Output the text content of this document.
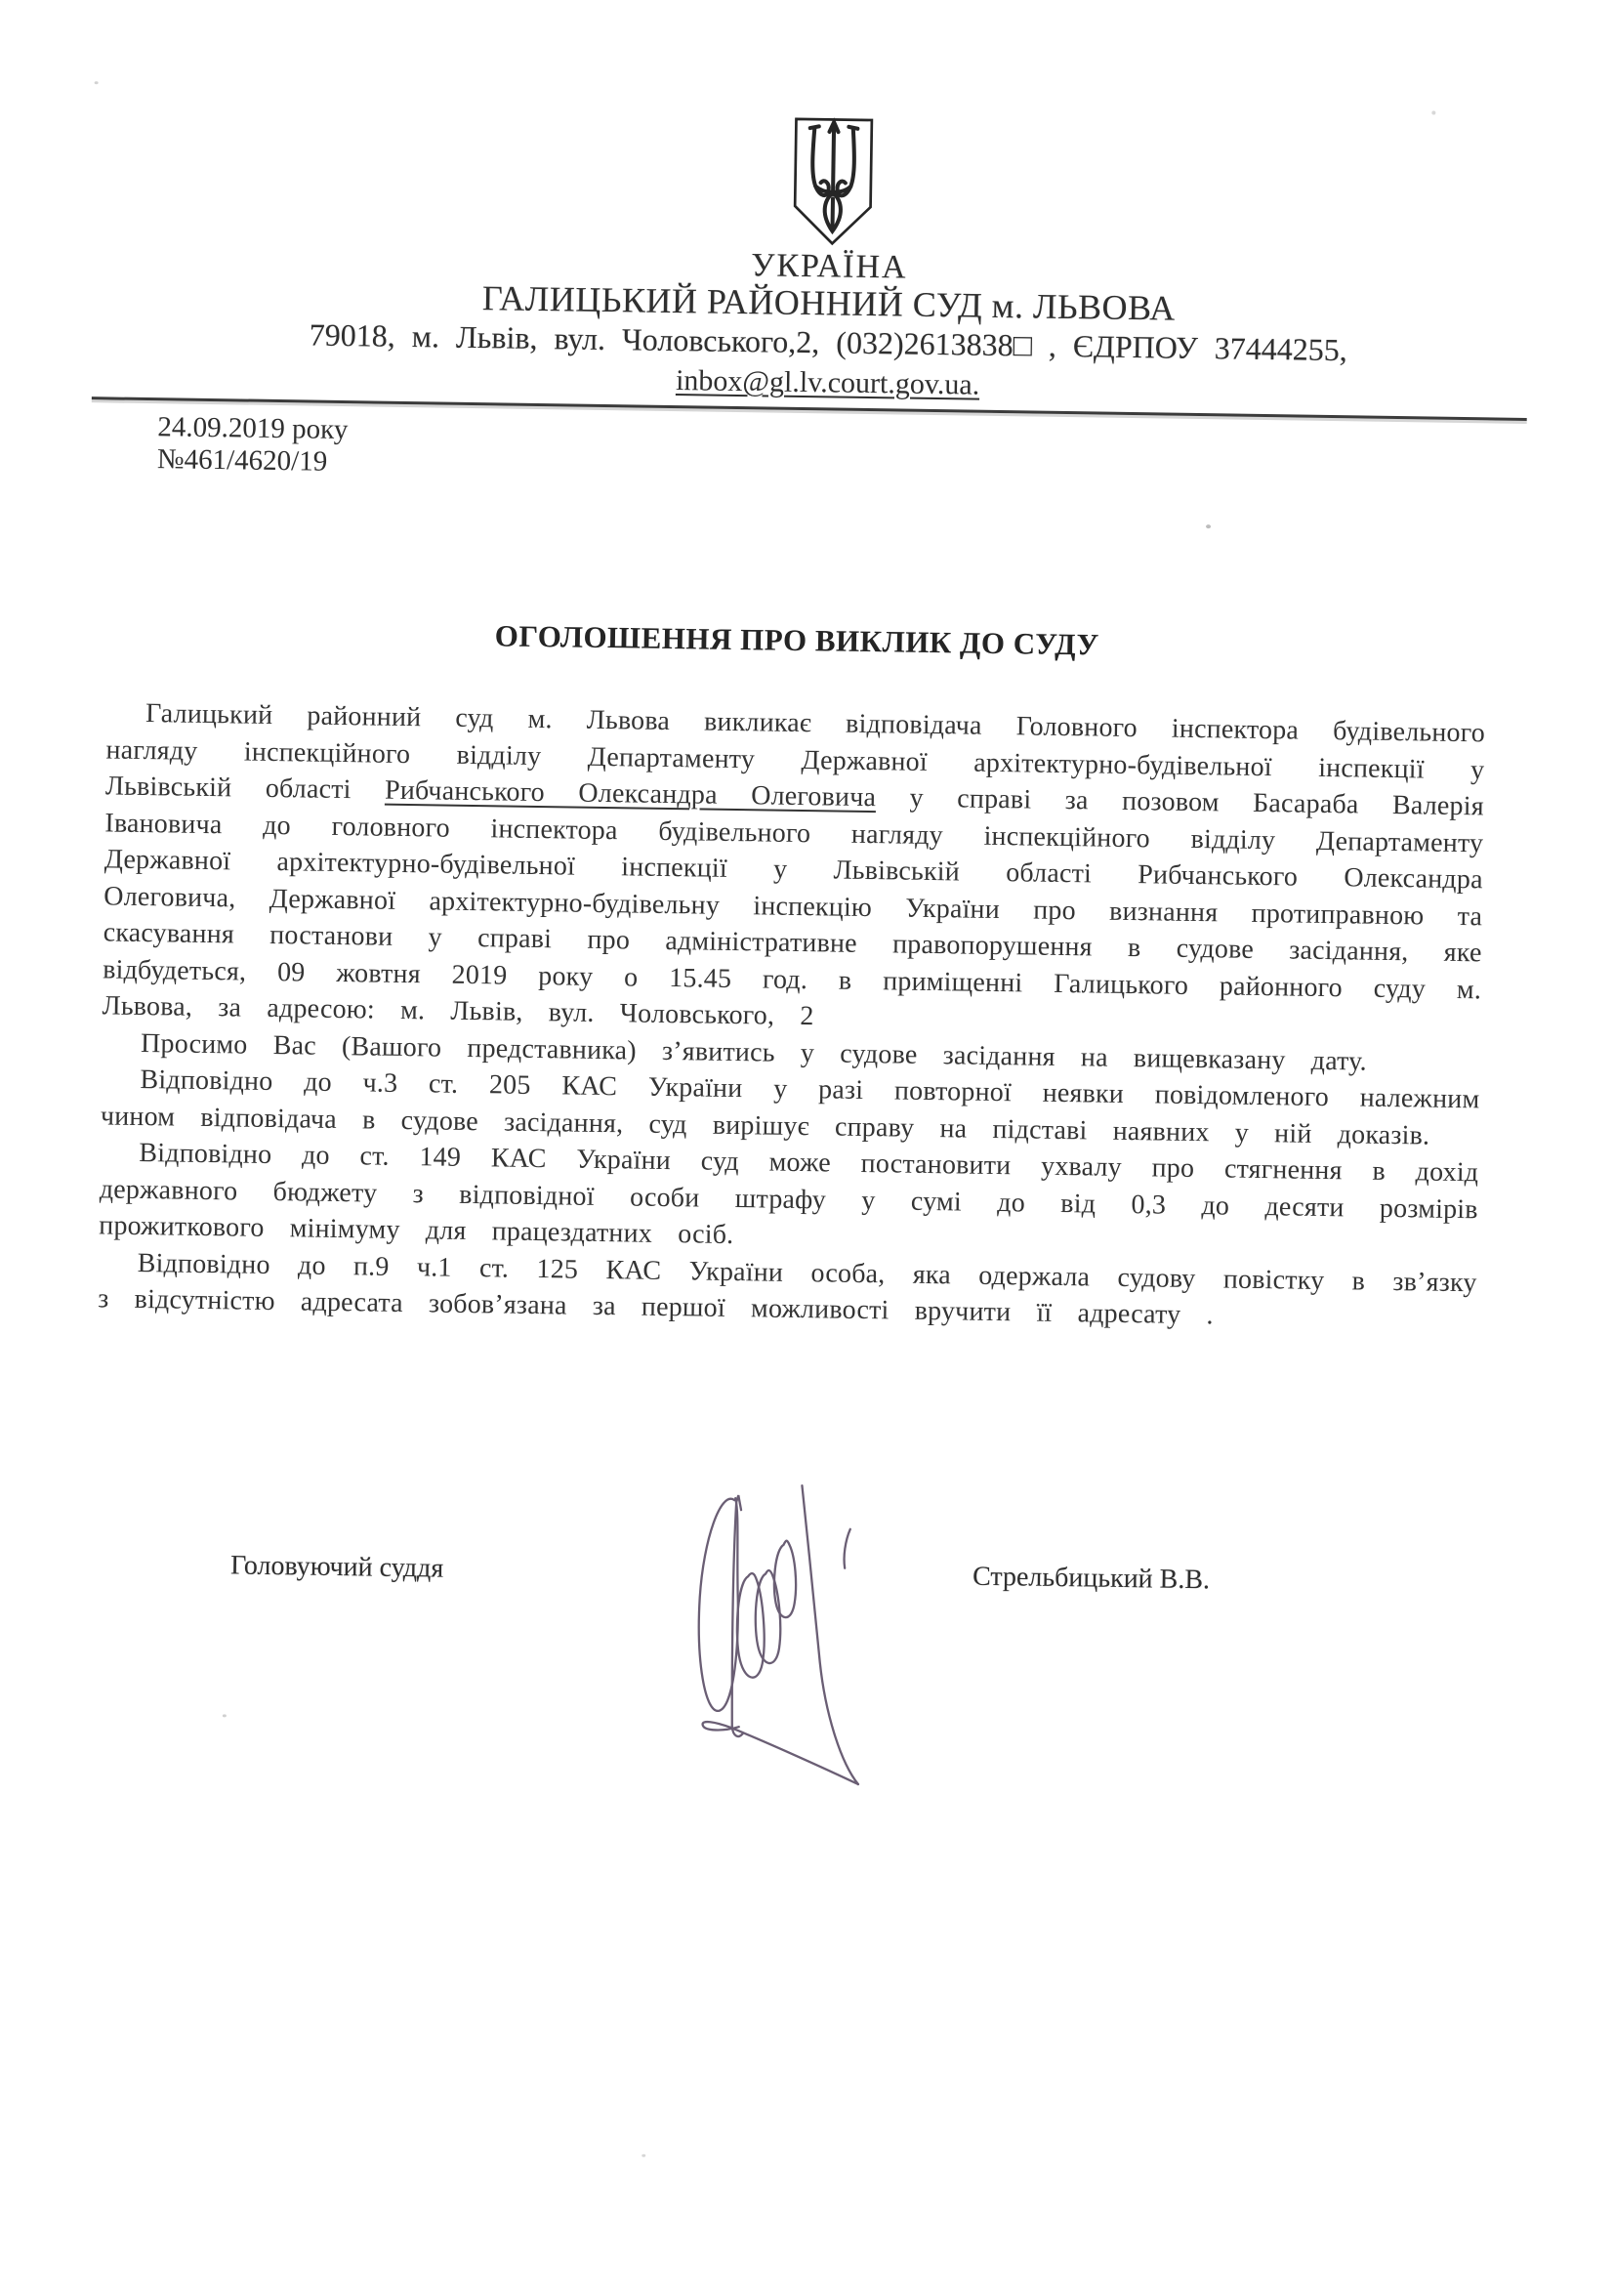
УКРАЇНА
ГАЛИЦЬКИЙ РАЙОННИЙ СУД м. ЛЬВОВА
79018, м. Львів, вул. Чоловського,2, (032)2613838□ , ЄДРПОУ 37444255,
inbox@gl.lv.court.gov.ua.
24.09.2019 року
№461/4620/19
ОГОЛОШЕННЯ ПРО ВИКЛИК ДО СУДУ

Галицький районний суд м. Львова викликає відповідача Головного інспектора будівельного нагляду інспекційного відділу Департаменту Державної архітектурно-будівельної інспекції у Львівській області Рибчанського Олександра Олеговича у справі за позовом Басараба Валерія Івановича до головного інспектора будівельного нагляду інспекційного відділу Департаменту Державної архітектурно-будівельної інспекції у Львівській області Рибчанського Олександра Олеговича, Державної архітектурно-будівельну інспекцію України про визнання протиправною та скасування постанови у справі про адміністративне правопорушення в судове засідання, яке відбудеться, 09 жовтня 2019 року о 15.45 год. в приміщенні Галицького районного суду м. Львова, за адресою: м. Львів, вул. Чоловського, 2

Просимо Вас (Вашого представника) з’явитись у судове засідання на вищевказану дату.

Відповідно до ч.3 ст. 205 КАС України у разі повторної неявки повідомленого належним чином відповідача в судове засідання, суд вирішує справу на підставі наявних у ній доказів.

Відповідно до ст. 149 КАС України суд може постановити ухвалу про стягнення в дохід державного бюджету з відповідної особи штрафу у сумі до від 0,3 до десяти розмірів прожиткового мінімуму для працездатних осіб.

Відповідно до п.9 ч.1 ст. 125 КАС України особа, яка одержала судову повістку в зв’язку з відсутністю адресата зобов’язана за першої можливості вручити її адресату .

Головуючий суддя	Стрельбицький В.В.
